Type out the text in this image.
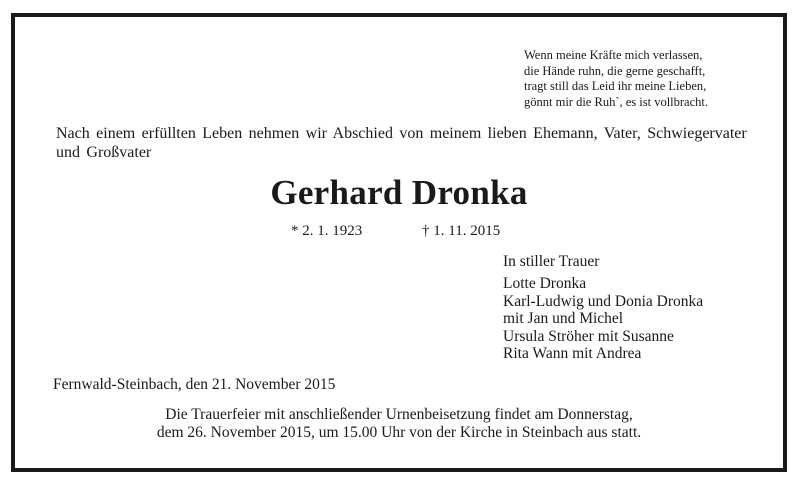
Wenn meine Kräfte mich verlassen,
die Hände ruhn, die gerne geschafft,
tragt still das Leid ihr meine Lieben,
gönnt mir die Ruh`, es ist vollbracht.
Nach einem erfüllten Leben nehmen wir Abschied von meinem lieben Ehemann, Vater, Schwiegervater und Großvater
Gerhard Dronka
* 2. 1. 1923	† 1. 11. 2015
In stiller Trauer
Lotte Dronka
Karl-Ludwig und Donia Dronka
mit Jan und Michel
Ursula Ströher mit Susanne
Rita Wann mit Andrea
Fernwald-Steinbach, den 21. November 2015
Die Trauerfeier mit anschließender Urnenbeisetzung findet am Donnerstag,
dem 26. November 2015, um 15.00 Uhr von der Kirche in Steinbach aus statt.
